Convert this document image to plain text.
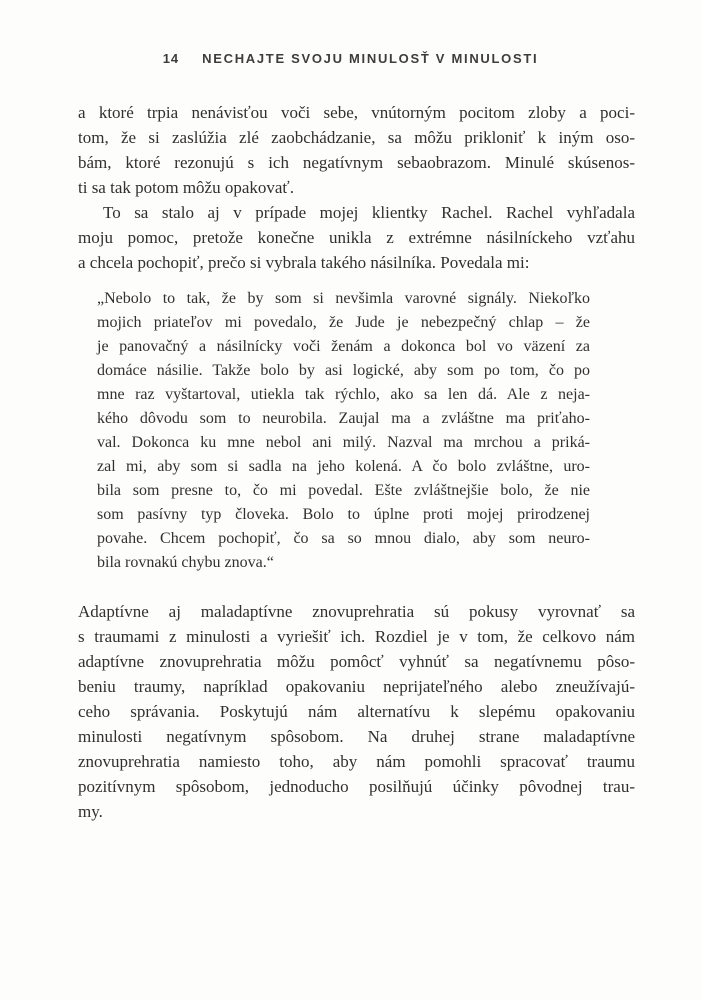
14 NECHAJTE SVOJU MINULOSŤ V MINULOSTI
a ktoré trpia nenávisťou voči sebe, vnútorným pocitom zloby a poci-
tom, že si zaslúžia zlé zaobchádzanie, sa môžu prikloniť k iným oso-
bám, ktoré rezonujú s ich negatívnym sebaobrazom. Minulé skúsenos-
ti sa tak potom môžu opakovať.
To sa stalo aj v prípade mojej klientky Rachel. Rachel vyhľadala
moju pomoc, pretože konečne unikla z extrémne násilníckeho vzťahu
a chcela pochopiť, prečo si vybrala takého násilníka. Povedala mi:
„Nebolo to tak, že by som si nevšimla varovné signály. Niekoľko
mojich priateľov mi povedalo, že Jude je nebezpečný chlap – že
je panovačný a násilnícky voči ženám a dokonca bol vo väzení za
domáce násilie. Takže bolo by asi logické, aby som po tom, čo po
mne raz vyštartoval, utiekla tak rýchlo, ako sa len dá. Ale z neja-
kého dôvodu som to neurobila. Zaujal ma a zvláštne ma priťaho-
val. Dokonca ku mne nebol ani milý. Nazval ma mrchou a priká-
zal mi, aby som si sadla na jeho kolená. A čo bolo zvláštne, uro-
bila som presne to, čo mi povedal. Ešte zvláštnejšie bolo, že nie
som pasívny typ človeka. Bolo to úplne proti mojej prirodzenej
povahe. Chcem pochopiť, čo sa so mnou dialo, aby som neuro-
bila rovnakú chybu znova.“
Adaptívne aj maladaptívne znovuprehratia sú pokusy vyrovnať sa
s traumami z minulosti a vyriešiť ich. Rozdiel je v tom, že celkovo nám
adaptívne znovuprehratia môžu pomôcť vyhnúť sa negatívnemu pôso-
beniu traumy, napríklad opakovaniu neprijateľného alebo zneužívajú-
ceho správania. Poskytujú nám alternatívu k slepému opakovaniu
minulosti negatívnym spôsobom. Na druhej strane maladaptívne
znovuprehratia namiesto toho, aby nám pomohli spracovať traumu
pozitívnym spôsobom, jednoducho posilňujú účinky pôvodnej trau-
my.
